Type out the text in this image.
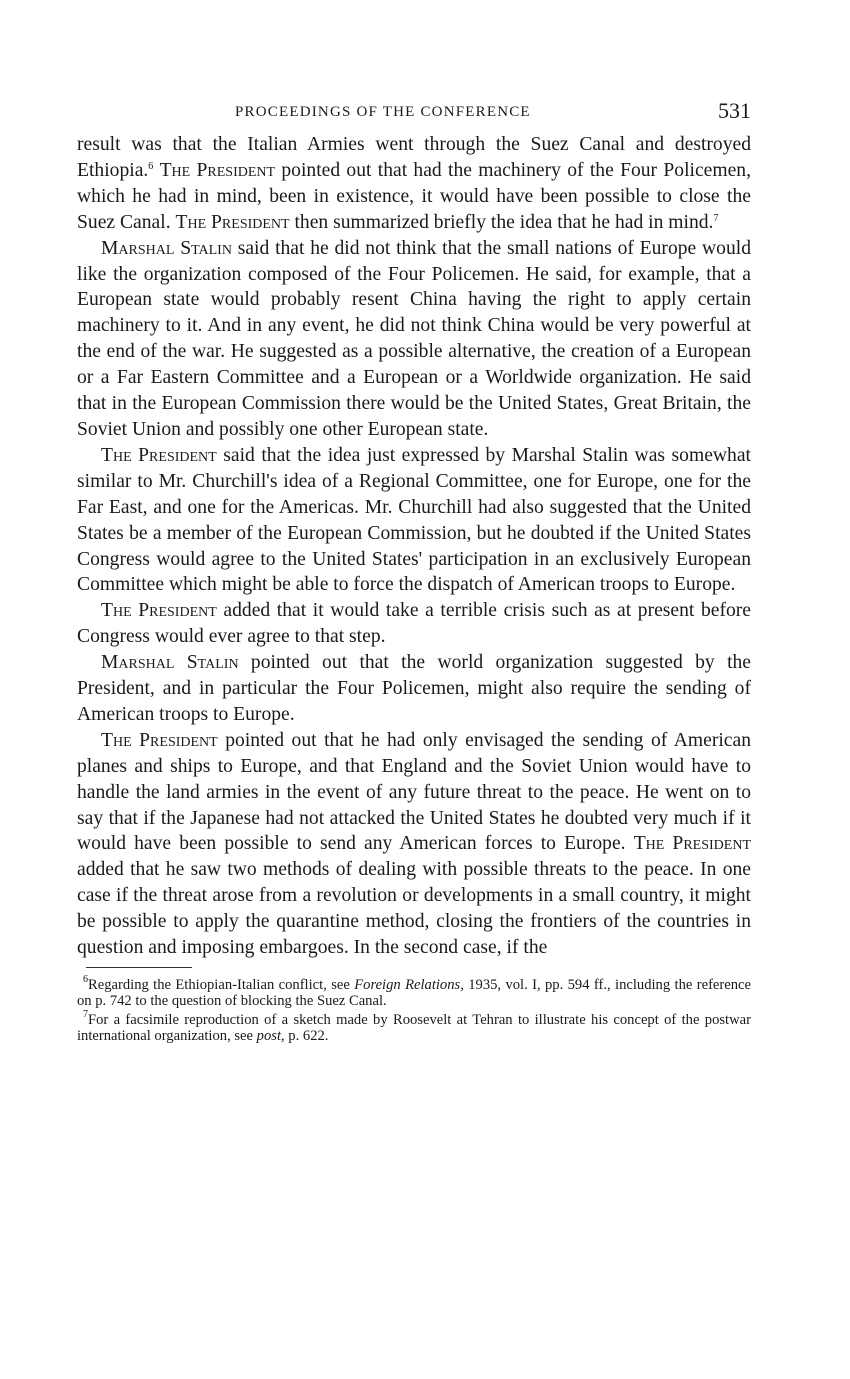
PROCEEDINGS OF THE CONFERENCE	531

result was that the Italian Armies went through the Suez Canal and destroyed Ethiopia.$^6$ The President pointed out that had the machinery of the Four Policemen, which he had in mind, been in existence, it would have been possible to close the Suez Canal. The President then summarized briefly the idea that he had in mind.$^7$

Marshal Stalin said that he did not think that the small nations of Europe would like the organization composed of the Four Policemen. He said, for example, that a European state would probably resent China having the right to apply certain machinery to it. And in any event, he did not think China would be very powerful at the end of the war. He suggested as a possible alternative, the creation of a European or a Far Eastern Committee and a European or a Worldwide organization. He said that in the European Commission there would be the United States, Great Britain, the Soviet Union and possibly one other European state.

The President said that the idea just expressed by Marshal Stalin was somewhat similar to Mr. Churchill's idea of a Regional Committee, one for Europe, one for the Far East, and one for the Americas. Mr. Churchill had also suggested that the United States be a member of the European Commission, but he doubted if the United States Congress would agree to the United States' participation in an exclusively European Committee which might be able to force the dispatch of American troops to Europe.

The President added that it would take a terrible crisis such as at present before Congress would ever agree to that step.

Marshal Stalin pointed out that the world organization suggested by the President, and in particular the Four Policemen, might also require the sending of American troops to Europe.

The President pointed out that he had only envisaged the sending of American planes and ships to Europe, and that England and the Soviet Union would have to handle the land armies in the event of any future threat to the peace. He went on to say that if the Japanese had not attacked the United States he doubted very much if it would have been possible to send any American forces to Europe. The President added that he saw two methods of dealing with possible threats to the peace. In one case if the threat arose from a revolution or developments in a small country, it might be possible to apply the quarantine method, closing the frontiers of the countries in question and imposing embargoes. In the second case, if the

$^6$Regarding the Ethiopian-Italian conflict, see Foreign Relations, 1935, vol. I, pp. 594 ff., including the reference on p. 742 to the question of blocking the Suez Canal.

$^7$For a facsimile reproduction of a sketch made by Roosevelt at Tehran to illustrate his concept of the postwar international organization, see post, p. 622.
